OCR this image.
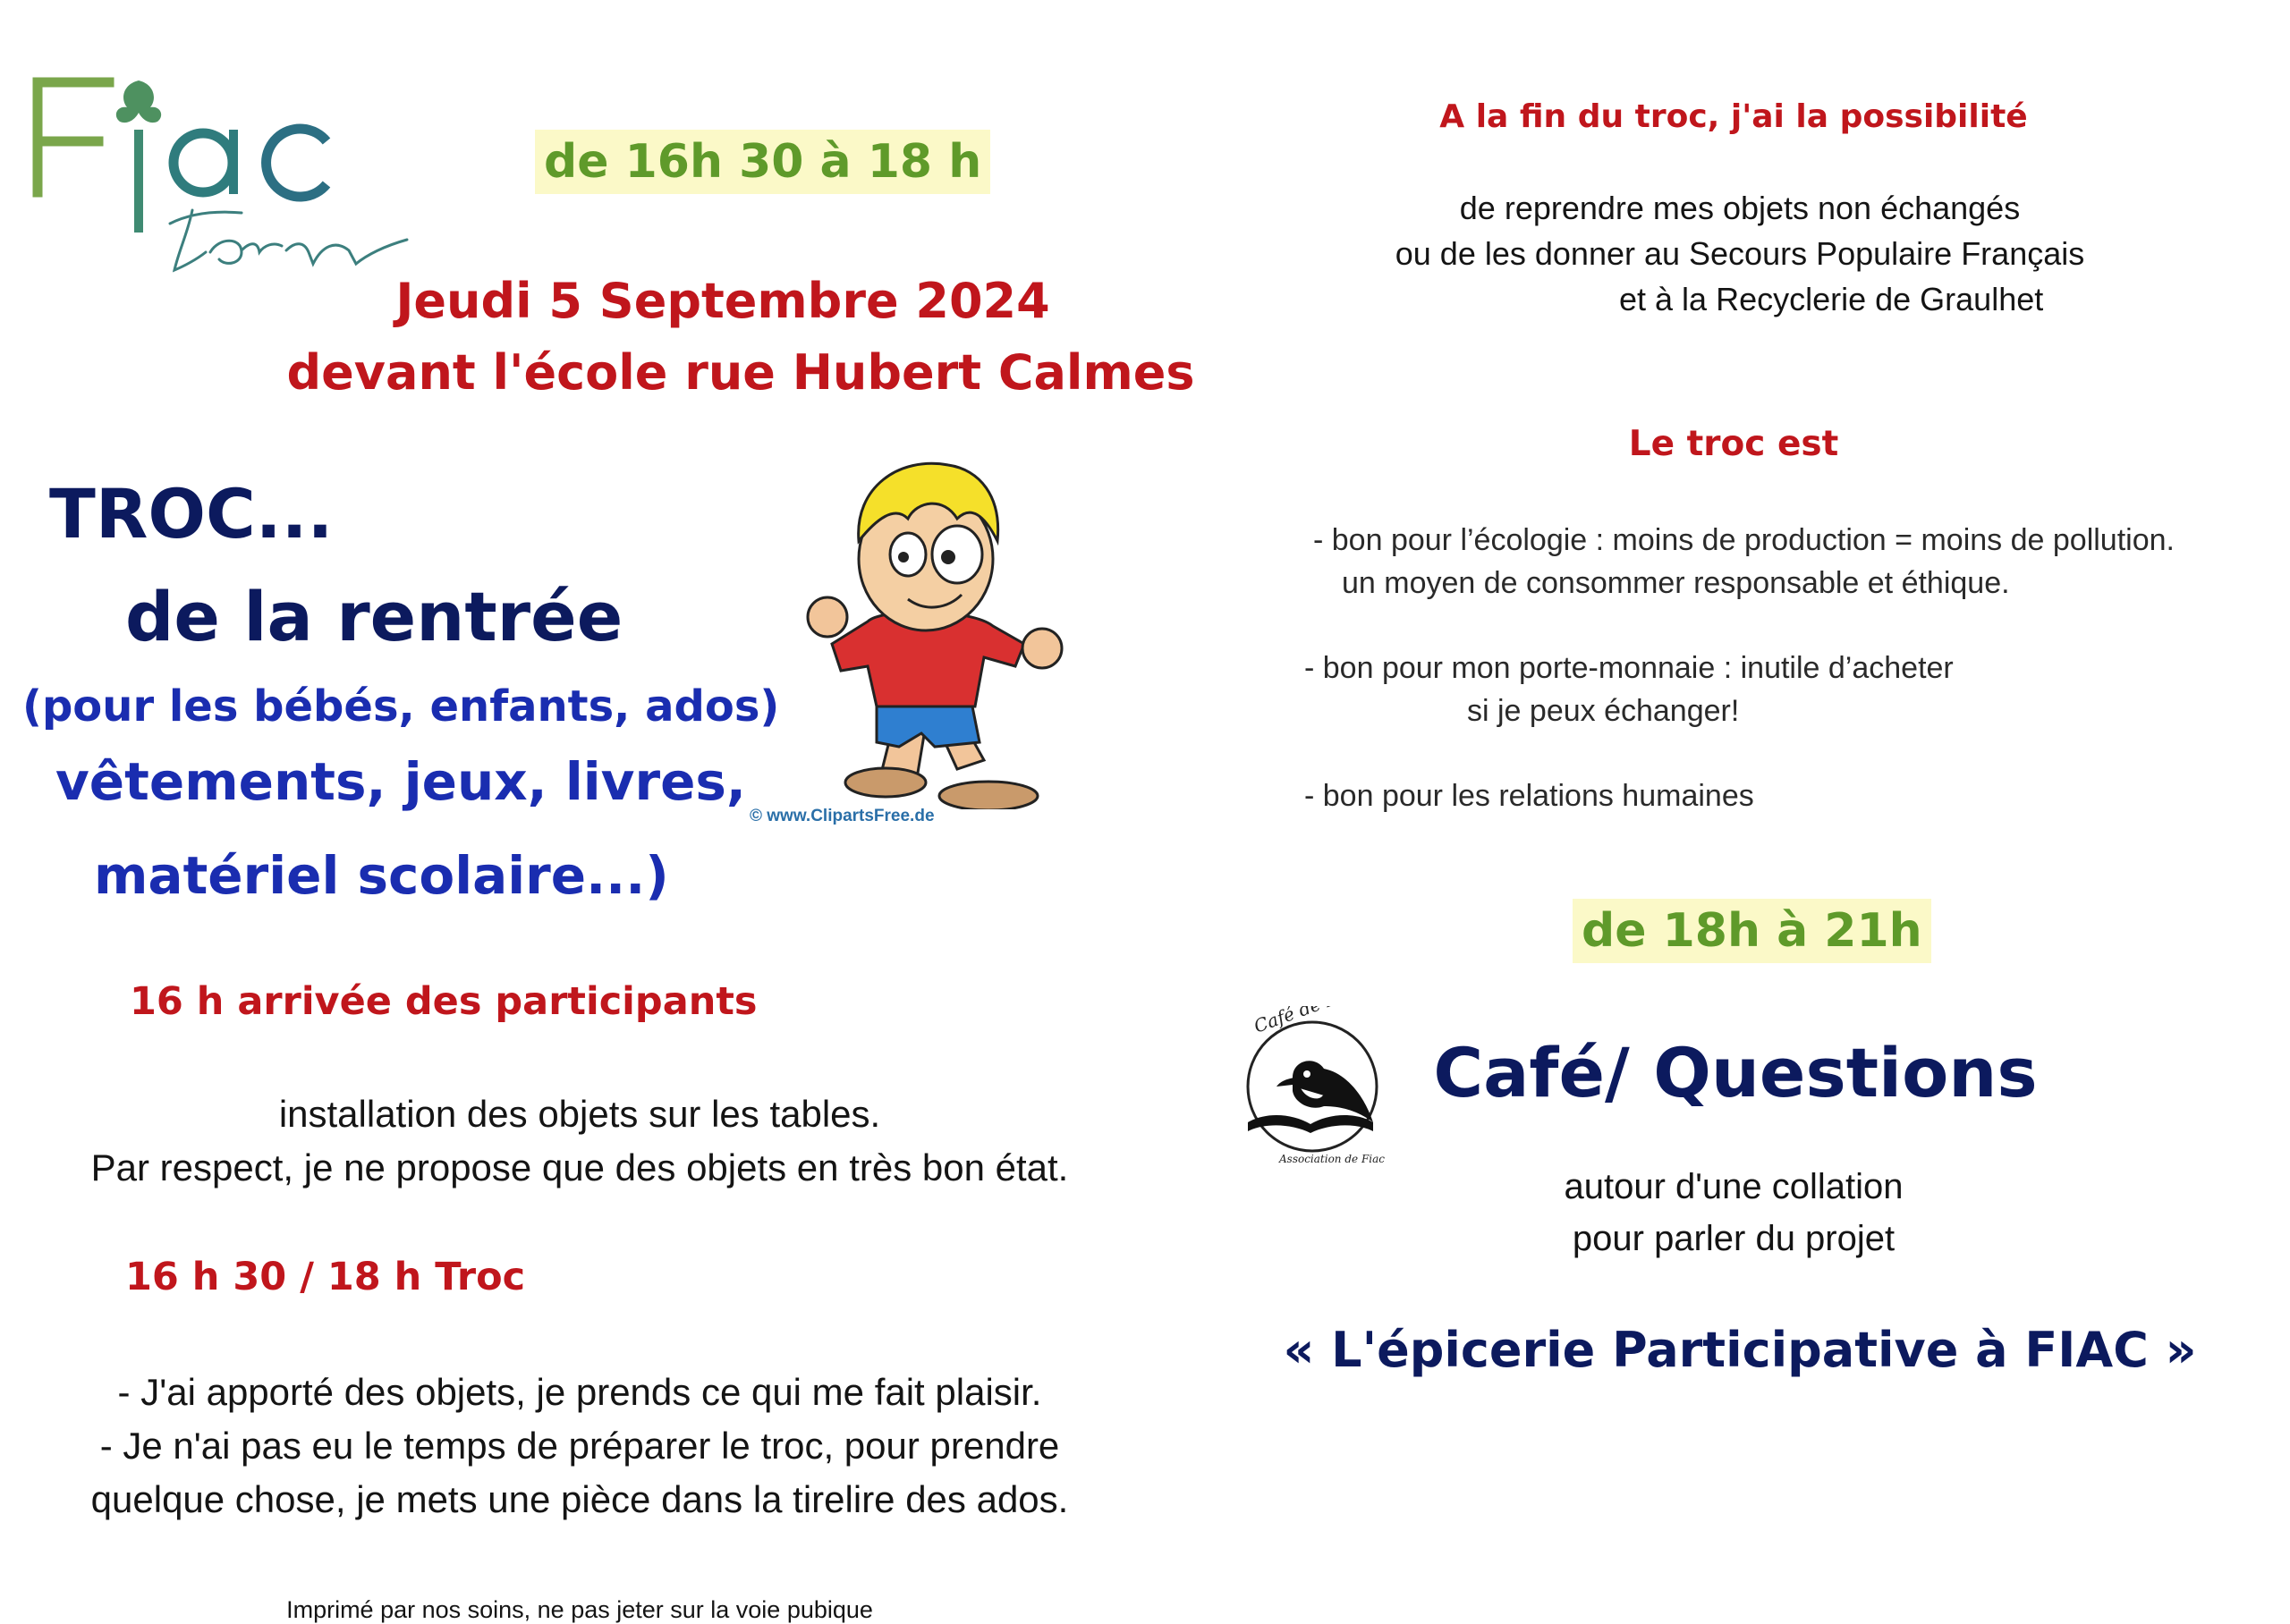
de 16h 30 à 18 h
Jeudi 5 Septembre 2024
devant l'école rue Hubert Calmes
TROC...
de la rentrée
(pour les bébés, enfants, ados)
vêtements, jeux, livres,
matériel scolaire...)
© www.ClipartsFree.de
16 h arrivée des participants
installation des objets sur les tables.
Par respect, je ne propose que des objets en très bon état.
16 h 30 / 18 h Troc
- J'ai apporté des objets, je prends ce qui me fait plaisir.
- Je n'ai pas eu le temps de préparer le troc, pour prendre
quelque chose, je mets une pièce dans la tirelire des ados.
Imprimé par nos soins, ne pas jeter sur la voie pubique
A la fin du troc, j'ai la possibilité
de reprendre mes objets non échangés
ou de les donner au Secours Populaire Français
et à la Recyclerie de Graulhet
Le troc est
- bon pour l’écologie : moins de production = moins de pollution.
un moyen de consommer responsable et éthique.
- bon pour mon porte-monnaie : inutile d’acheter
si je peux échanger!
- bon pour les relations humaines
de 18h à 21h
Café de Fiac
Association de Fiac
Café/ Questions
autour d'une collation
pour parler du projet
« L'épicerie Participative à FIAC »
